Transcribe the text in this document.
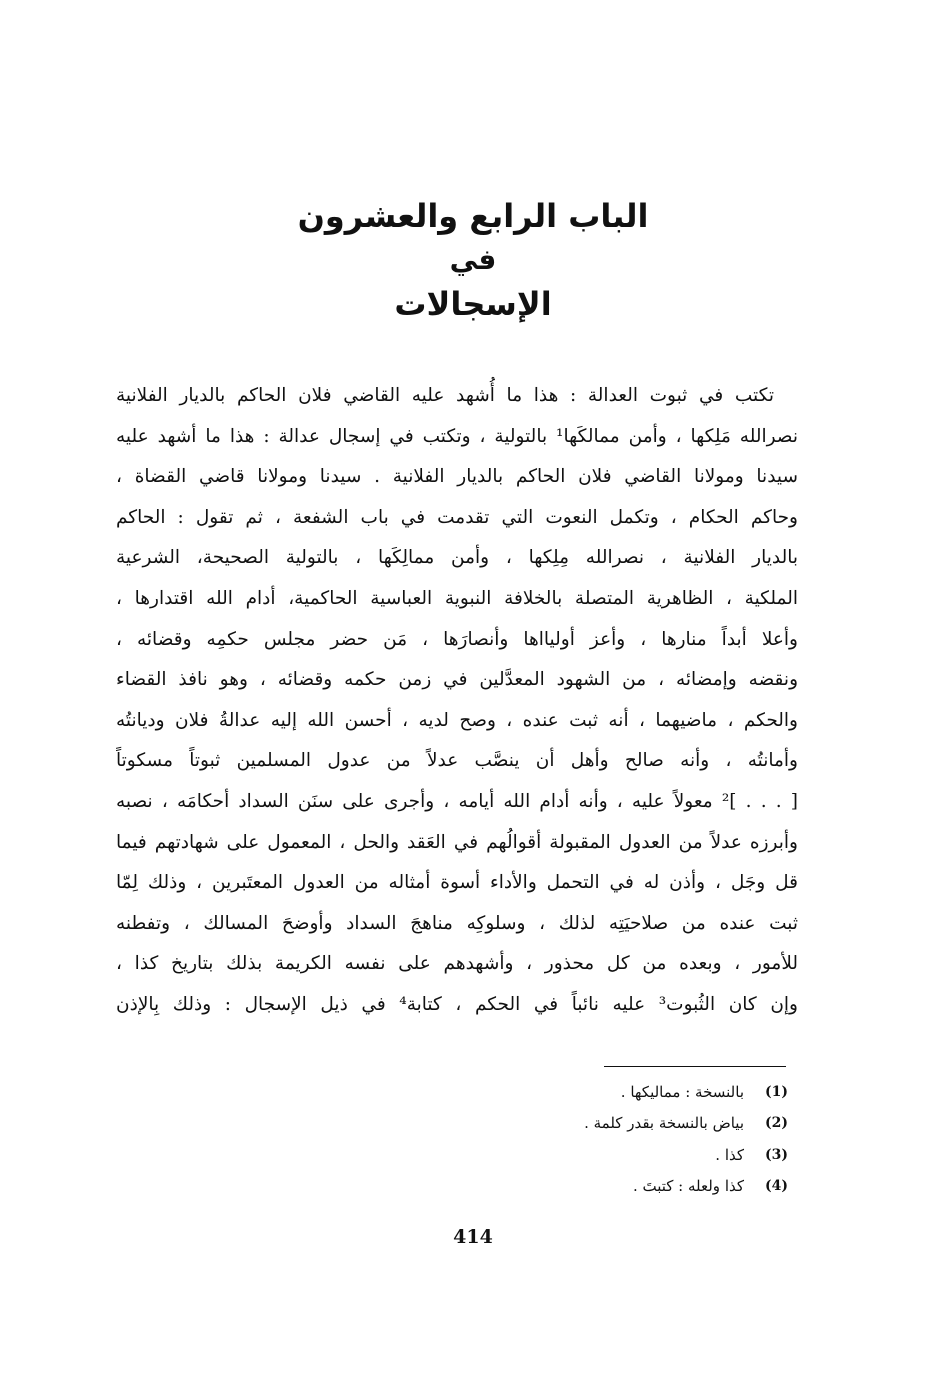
الباب الرابع والعشرون
في
الإسجالات
تكتب في ثبوت العدالة : هذا ما أُشهد عليه القاضي فلان الحاكم بالديار الفلانية
نصرالله مَلِكها ، وأمن ممالكَها¹ بالتولية ، وتكتب في إسجال عدالة : هذا ما أشهد عليه
سيدنا ومولانا القاضي فلان الحاكم بالديار الفلانية . سيدنا ومولانا قاضي القضاة ،
وحاكم الحكام ، وتكمل النعوت التي تقدمت في باب الشفعة ، ثم تقول : الحاكم
بالديار الفلانية ، نصرالله مِلِكها ، وأمن ممالِكَها ، بالتولية الصحيحة، الشرعية
الملكية ، الظاهرية المتصلة بالخلافة النبوية العباسية الحاكمية، أدام الله اقتدارها ،
وأعلا أبداً منارها ، وأعز أوليااها وأنصارَها ، مَن حضر مجلس حكمِه وقضائه ،
ونقضه وإمضائه ، من الشهود المعدَّلين في زمن حكمه وقضائه ، وهو نافذ القضاء
والحكم ، ماضيهما ، أنه ثبت عنده ، وصح لديه ، أحسن الله إليه عدالةُ فلان وديانتُه
وأمانتُه ، وأنه صالح وأهل أن ينصَّب عدلاً من عدول المسلمين ثبوتاً مسكوتاً
[ . . . ]² معولاً عليه ، وأنه أدام الله أيامه ، وأجرى على سنَن السداد أحكامَه ، نصبه
وأبرزه عدلاً من العدول المقبولة أقوالُهم في العَقد والحل ، المعمول على شهادتهم فيما
قل وجَل ، وأذن له في التحمل والأداء أسوة أمثاله من العدول المعتَبرين ، وذلك لِمّا
ثبت عنده من صلاحيَتِه لذلك ، وسلوكِه مناهجَ السداد وأوضحَ المسالك ، وتفطنه
للأمور ، وبعده من كل محذور ، وأشهدهم على نفسه الكريمة بذلك بتاريخ كذا ،
وإن كان الثُبوت³ عليه نائباً في الحكم ، كتابة⁴ في ذيل الإسجال : وذلك بِالإذن
(1)
بالنسخة : مماليكها .
(2)
بياض بالنسخة بقدر كلمة .
(3)
كذا .
(4)
كذا ولعله : كتبتَ .
414
